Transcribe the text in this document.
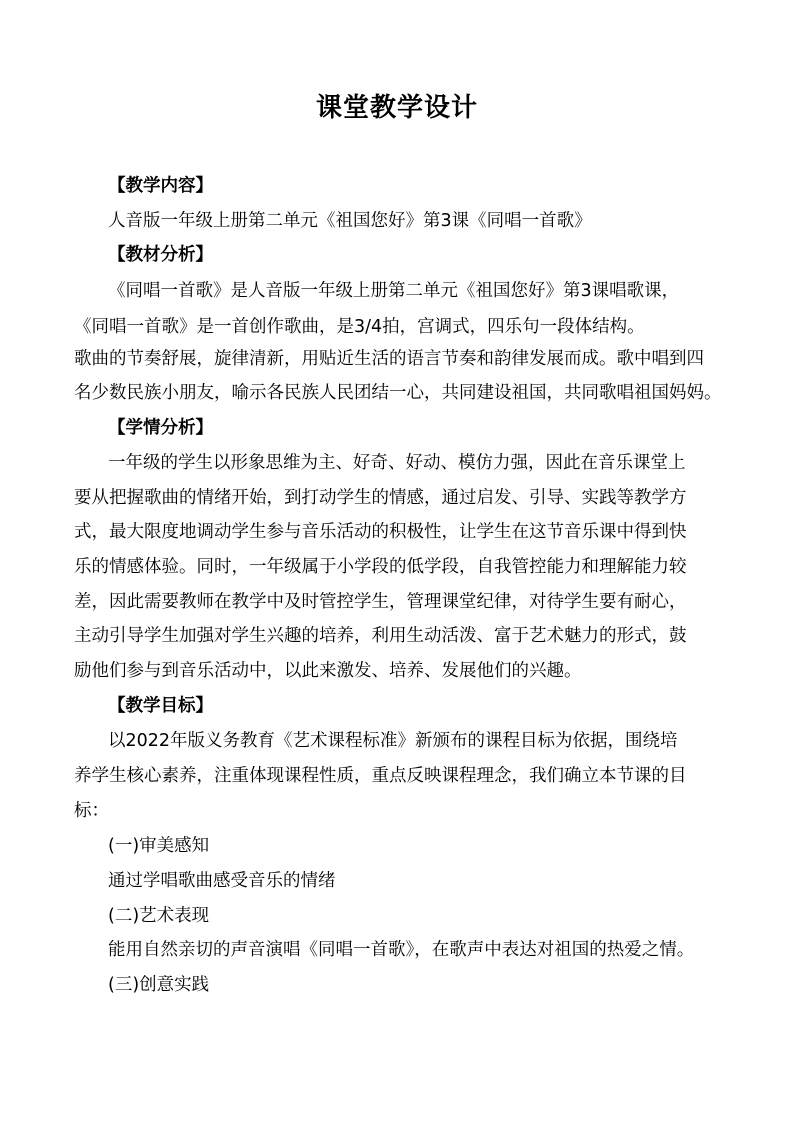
课堂教学设计
【教学内容】
人音版一年级上册第二单元《祖国您好》第3课《同唱一首歌》
【教材分析】
《同唱一首歌》是人音版一年级上册第二单元《祖国您好》第3课唱歌课，
《同唱一首歌》是一首创作歌曲，是3/4拍，宫调式，四乐句一段体结构。
歌曲的节奏舒展，旋律清新，用贴近生活的语言节奏和韵律发展而成。歌中唱到四
名少数民族小朋友，喻示各民族人民团结一心，共同建设祖国，共同歌唱祖国妈妈。
【学情分析】
一年级的学生以形象思维为主、好奇、好动、模仿力强，因此在音乐课堂上
要从把握歌曲的情绪开始，到打动学生的情感，通过启发、引导、实践等教学方
式，最大限度地调动学生参与音乐活动的积极性，让学生在这节音乐课中得到快
乐的情感体验。同时，一年级属于小学段的低学段，自我管控能力和理解能力较
差，因此需要教师在教学中及时管控学生，管理课堂纪律，对待学生要有耐心，
主动引导学生加强对学生兴趣的培养，利用生动活泼、富于艺术魅力的形式，鼓
励他们参与到音乐活动中，以此来激发、培养、发展他们的兴趣。
【教学目标】
以2022年版义务教育《艺术课程标准》新颁布的课程目标为依据，围绕培
养学生核心素养，注重体现课程性质，重点反映课程理念，我们确立本节课的目
标：
(一)审美感知
通过学唱歌曲感受音乐的情绪
(二)艺术表现
能用自然亲切的声音演唱《同唱一首歌》，在歌声中表达对祖国的热爱之情。
(三)创意实践
